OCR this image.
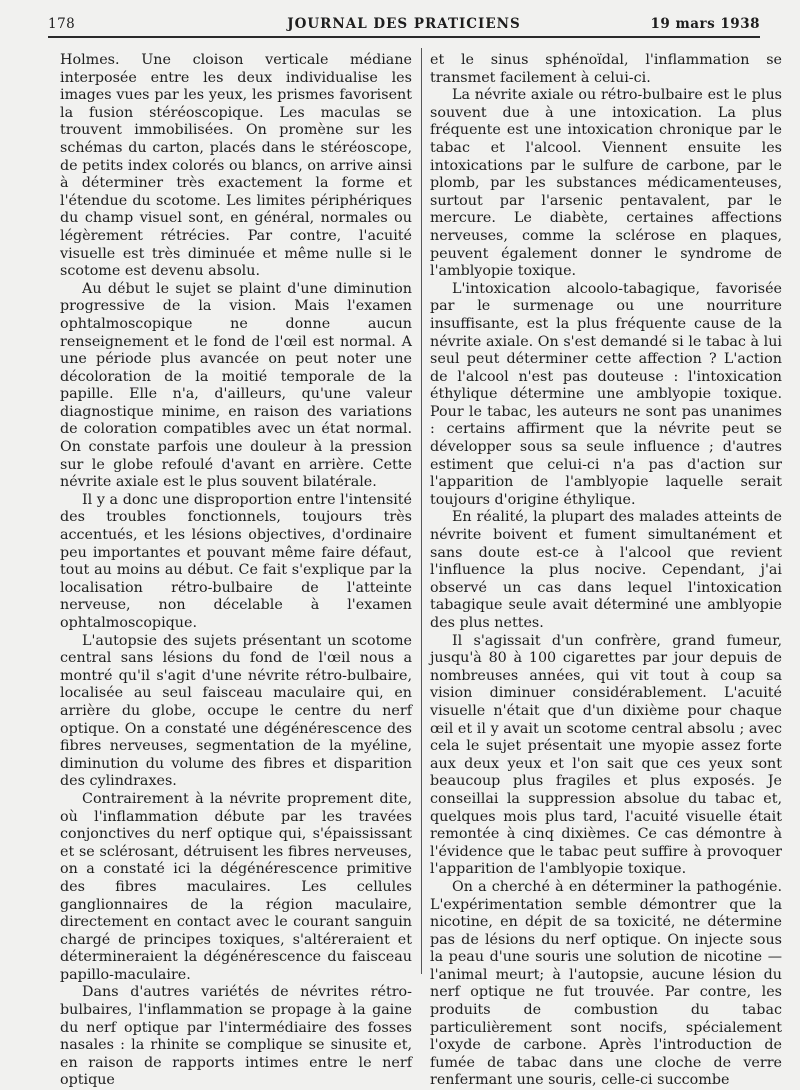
178	JOURNAL DES PRATICIENS	19 mars 1938

Holmes. Une cloison verticale médiane interposée entre les deux individualise les images vues par les yeux, les prismes favorisent la fusion stéréoscopique. Les maculas se trouvent immobilisées. On promène sur les schémas du carton, placés dans le stéréoscope, de petits index colorés ou blancs, on arrive ainsi à déterminer très exactement la forme et l'étendue du scotome. Les limites périphériques du champ visuel sont, en général, normales ou légèrement rétrécies. Par contre, l'acuité visuelle est très diminuée et même nulle si le scotome est devenu absolu.

Au début le sujet se plaint d'une diminution progressive de la vision. Mais l'examen ophtalmoscopique ne donne aucun renseignement et le fond de l'œil est normal. A une période plus avancée on peut noter une décoloration de la moitié temporale de la papille. Elle n'a, d'ailleurs, qu'une valeur diagnostique minime, en raison des variations de coloration compatibles avec un état normal. On constate parfois une douleur à la pression sur le globe refoulé d'avant en arrière. Cette névrite axiale est le plus souvent bilatérale.

Il y a donc une disproportion entre l'intensité des troubles fonctionnels, toujours très accentués, et les lésions objectives, d'ordinaire peu importantes et pouvant même faire défaut, tout au moins au début. Ce fait s'explique par la localisation rétro-bulbaire de l'atteinte nerveuse, non décelable à l'examen ophtalmoscopique.

L'autopsie des sujets présentant un scotome central sans lésions du fond de l'œil nous a montré qu'il s'agit d'une névrite rétro-bulbaire, localisée au seul faisceau maculaire qui, en arrière du globe, occupe le centre du nerf optique. On a constaté une dégénérescence des fibres nerveuses, segmentation de la myéline, diminution du volume des fibres et disparition des cylindraxes.

Contrairement à la névrite proprement dite, où l'inflammation débute par les travées conjonctives du nerf optique qui, s'épaississant et se sclérosant, détruisent les fibres nerveuses, on a constaté ici la dégénérescence primitive des fibres maculaires. Les cellules ganglionnaires de la région maculaire, directement en contact avec le courant sanguin chargé de principes toxiques, s'altéreraient et détermineraient la dégénérescence du faisceau papillo-maculaire.

Dans d'autres variétés de névrites rétro-bulbaires, l'inflammation se propage à la gaine du nerf optique par l'intermédiaire des fosses nasales : la rhinite se complique se sinusite et, en raison de rapports intimes entre le nerf optique

et le sinus sphénoïdal, l'inflammation se transmet facilement à celui-ci.

La névrite axiale ou rétro-bulbaire est le plus souvent due à une intoxication. La plus fréquente est une intoxication chronique par le tabac et l'alcool. Viennent ensuite les intoxications par le sulfure de carbone, par le plomb, par les substances médicamenteuses, surtout par l'arsenic pentavalent, par le mercure. Le diabète, certaines affections nerveuses, comme la sclérose en plaques, peuvent également donner le syndrome de l'amblyopie toxique.

L'intoxication alcoolo-tabagique, favorisée par le surmenage ou une nourriture insuffisante, est la plus fréquente cause de la névrite axiale. On s'est demandé si le tabac à lui seul peut déterminer cette affection ? L'action de l'alcool n'est pas douteuse : l'intoxication éthylique détermine une amblyopie toxique. Pour le tabac, les auteurs ne sont pas unanimes : certains affirment que la névrite peut se développer sous sa seule influence ; d'autres estiment que celui-ci n'a pas d'action sur l'apparition de l'amblyopie laquelle serait toujours d'origine éthylique.

En réalité, la plupart des malades atteints de névrite boivent et fument simultanément et sans doute est-ce à l'alcool que revient l'influence la plus nocive. Cependant, j'ai observé un cas dans lequel l'intoxication tabagique seule avait déterminé une amblyopie des plus nettes.

Il s'agissait d'un confrère, grand fumeur, jusqu'à 80 à 100 cigarettes par jour depuis de nombreuses années, qui vit tout à coup sa vision diminuer considérablement. L'acuité visuelle n'était que d'un dixième pour chaque œil et il y avait un scotome central absolu ; avec cela le sujet présentait une myopie assez forte aux deux yeux et l'on sait que ces yeux sont beaucoup plus fragiles et plus exposés. Je conseillai la suppression absolue du tabac et, quelques mois plus tard, l'acuité visuelle était remontée à cinq dixièmes. Ce cas démontre à l'évidence que le tabac peut suffire à provoquer l'apparition de l'amblyopie toxique.

On a cherché à en déterminer la pathogénie. L'expérimentation semble démontrer que la nicotine, en dépit de sa toxicité, ne détermine pas de lésions du nerf optique. On injecte sous la peau d'une souris une solution de nicotine — l'animal meurt; à l'autopsie, aucune lésion du nerf optique ne fut trouvée. Par contre, les produits de combustion du tabac particulièrement sont nocifs, spécialement l'oxyde de carbone. Après l'introduction de fumée de tabac dans une cloche de verre renfermant une souris, celle-ci succombe
